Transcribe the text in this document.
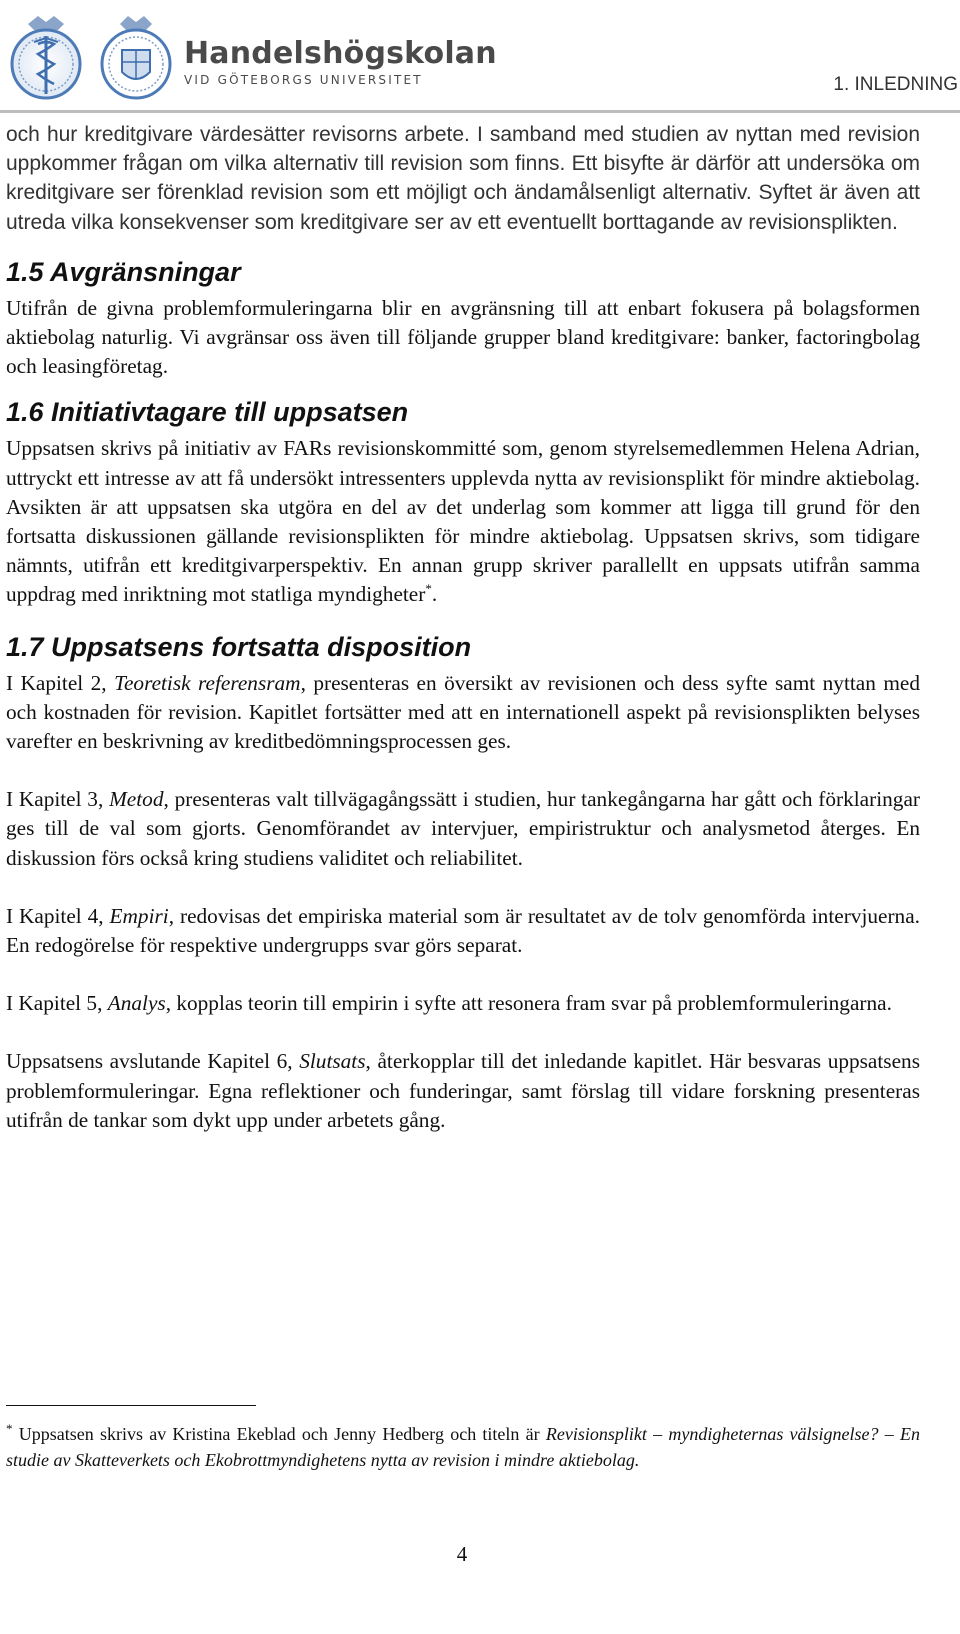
Handelshögskolan
VID GÖTEBORGS UNIVERSITET	1. INLEDNING

och hur kreditgivare värdesätter revisorns arbete. I samband med studien av nyttan med revision uppkommer frågan om vilka alternativ till revision som finns. Ett bisyfte är därför att undersöka om kreditgivare ser förenklad revision som ett möjligt och ändamålsenligt alternativ. Syftet är även att utreda vilka konsekvenser som kreditgivare ser av ett eventuellt borttagande av revisionsplikten.

1.5 Avgränsningar

Utifrån de givna problemformuleringarna blir en avgränsning till att enbart fokusera på bolagsformen aktiebolag naturlig. Vi avgränsar oss även till följande grupper bland kreditgivare: banker, factoringbolag och leasingföretag.

1.6 Initiativtagare till uppsatsen

Uppsatsen skrivs på initiativ av FARs revisionskommitté som, genom styrelsemedlemmen Helena Adrian, uttryckt ett intresse av att få undersökt intressenters upplevda nytta av revisionsplikt för mindre aktiebolag. Avsikten är att uppsatsen ska utgöra en del av det underlag som kommer att ligga till grund för den fortsatta diskussionen gällande revisionsplikten för mindre aktiebolag. Uppsatsen skrivs, som tidigare nämnts, utifrån ett kreditgivarperspektiv. En annan grupp skriver parallellt en uppsats utifrån samma uppdrag med inriktning mot statliga myndigheter*.

1.7 Uppsatsens fortsatta disposition

I Kapitel 2, Teoretisk referensram, presenteras en översikt av revisionen och dess syfte samt nyttan med och kostnaden för revision. Kapitlet fortsätter med att en internationell aspekt på revisionsplikten belyses varefter en beskrivning av kreditbedömningsprocessen ges.

I Kapitel 3, Metod, presenteras valt tillvägagångssätt i studien, hur tankegångarna har gått och förklaringar ges till de val som gjorts. Genomförandet av intervjuer, empiristruktur och analysmetod återges. En diskussion förs också kring studiens validitet och reliabilitet.

I Kapitel 4, Empiri, redovisas det empiriska material som är resultatet av de tolv genomförda intervjuerna. En redogörelse för respektive undergrupps svar görs separat.

I Kapitel 5, Analys, kopplas teorin till empirin i syfte att resonera fram svar på problemformuleringarna.

Uppsatsens avslutande Kapitel 6, Slutsats, återkopplar till det inledande kapitlet. Här besvaras uppsatsens problemformuleringar. Egna reflektioner och funderingar, samt förslag till vidare forskning presenteras utifrån de tankar som dykt upp under arbetets gång.

* Uppsatsen skrivs av Kristina Ekeblad och Jenny Hedberg och titeln är Revisionsplikt – myndigheternas välsignelse? – En studie av Skatteverkets och Ekobrottmyndighetens nytta av revision i mindre aktiebolag.
4
